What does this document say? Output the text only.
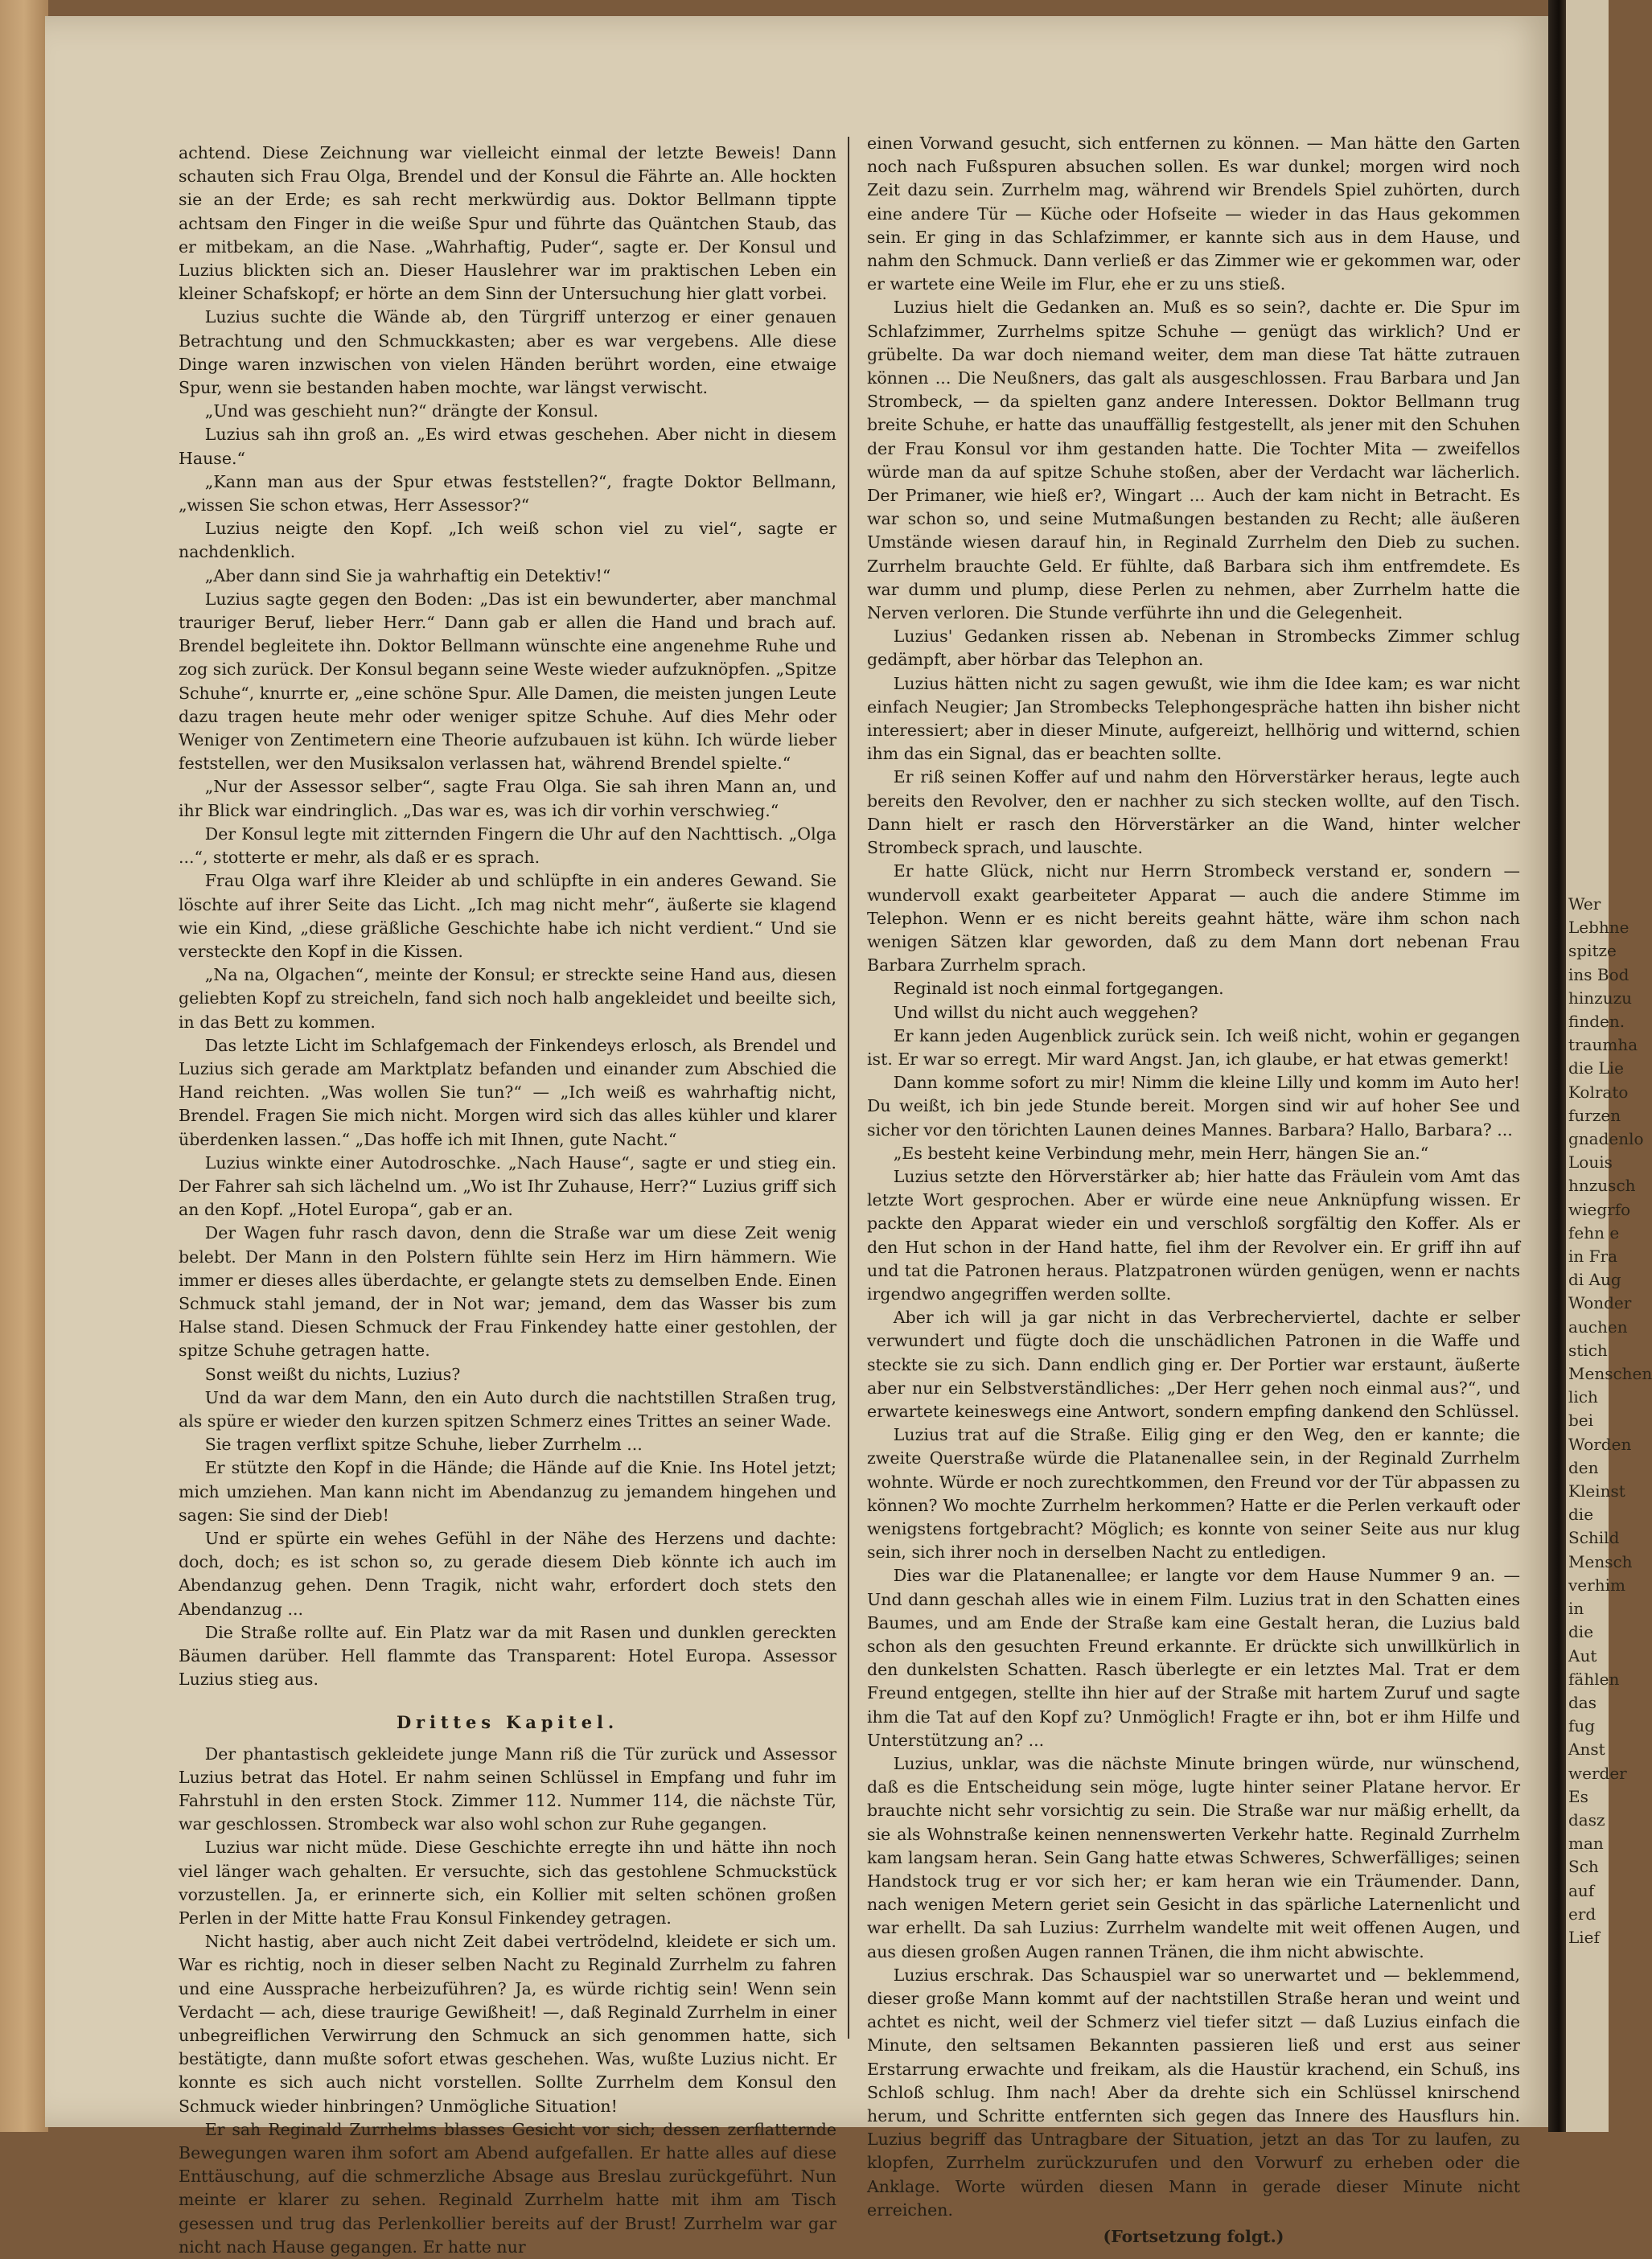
achtend. Diese Zeichnung war vielleicht einmal der letzte Beweis! Dann schauten sich Frau Olga, Brendel und der Konsul die Fährte an. Alle hockten sie an der Erde; es sah recht merkwürdig aus. Doktor Bellmann tippte achtsam den Finger in die weiße Spur und führte das Quäntchen Staub, das er mitbekam, an die Nase. „Wahrhaftig, Puder“, sagte er. Der Konsul und Luzius blickten sich an. Dieser Hauslehrer war im praktischen Leben ein kleiner Schafskopf; er hörte an dem Sinn der Untersuchung hier glatt vorbei.

Luzius suchte die Wände ab, den Türgriff unterzog er einer genauen Betrachtung und den Schmuckkasten; aber es war vergebens. Alle diese Dinge waren inzwischen von vielen Händen berührt worden, eine etwaige Spur, wenn sie bestanden haben mochte, war längst verwischt.

„Und was geschieht nun?“ drängte der Konsul.

Luzius sah ihn groß an. „Es wird etwas geschehen. Aber nicht in diesem Hause.“

„Kann man aus der Spur etwas feststellen?“, fragte Doktor Bellmann, „wissen Sie schon etwas, Herr Assessor?“

Luzius neigte den Kopf. „Ich weiß schon viel zu viel“, sagte er nachdenklich.

„Aber dann sind Sie ja wahrhaftig ein Detektiv!“

Luzius sagte gegen den Boden: „Das ist ein bewunderter, aber manchmal trauriger Beruf, lieber Herr.“ Dann gab er allen die Hand und brach auf. Brendel begleitete ihn. Doktor Bellmann wünschte eine angenehme Ruhe und zog sich zurück. Der Konsul begann seine Weste wieder aufzuknöpfen. „Spitze Schuhe“, knurrte er, „eine schöne Spur. Alle Damen, die meisten jungen Leute dazu tragen heute mehr oder weniger spitze Schuhe. Auf dies Mehr oder Weniger von Zentimetern eine Theorie aufzubauen ist kühn. Ich würde lieber feststellen, wer den Musiksalon verlassen hat, während Brendel spielte.“

„Nur der Assessor selber“, sagte Frau Olga. Sie sah ihren Mann an, und ihr Blick war eindringlich. „Das war es, was ich dir vorhin verschwieg.“

Der Konsul legte mit zitternden Fingern die Uhr auf den Nachttisch. „Olga ...“, stotterte er mehr, als daß er es sprach.

Frau Olga warf ihre Kleider ab und schlüpfte in ein anderes Gewand. Sie löschte auf ihrer Seite das Licht. „Ich mag nicht mehr“, äußerte sie klagend wie ein Kind, „diese gräßliche Geschichte habe ich nicht verdient.“ Und sie versteckte den Kopf in die Kissen.

„Na na, Olgachen“, meinte der Konsul; er streckte seine Hand aus, diesen geliebten Kopf zu streicheln, fand sich noch halb angekleidet und beeilte sich, in das Bett zu kommen.

Das letzte Licht im Schlafgemach der Finkendeys erlosch, als Brendel und Luzius sich gerade am Marktplatz befanden und einander zum Abschied die Hand reichten. „Was wollen Sie tun?“ — „Ich weiß es wahrhaftig nicht, Brendel. Fragen Sie mich nicht. Morgen wird sich das alles kühler und klarer überdenken lassen.“ „Das hoffe ich mit Ihnen, gute Nacht.“

Luzius winkte einer Autodroschke. „Nach Hause“, sagte er und stieg ein. Der Fahrer sah sich lächelnd um. „Wo ist Ihr Zuhause, Herr?“ Luzius griff sich an den Kopf. „Hotel Europa“, gab er an.

Der Wagen fuhr rasch davon, denn die Straße war um diese Zeit wenig belebt. Der Mann in den Polstern fühlte sein Herz im Hirn hämmern. Wie immer er dieses alles überdachte, er gelangte stets zu demselben Ende. Einen Schmuck stahl jemand, der in Not war; jemand, dem das Wasser bis zum Halse stand. Diesen Schmuck der Frau Finkendey hatte einer gestohlen, der spitze Schuhe getragen hatte.

Sonst weißt du nichts, Luzius?

Und da war dem Mann, den ein Auto durch die nachtstillen Straßen trug, als spüre er wieder den kurzen spitzen Schmerz eines Trittes an seiner Wade.

Sie tragen verflixt spitze Schuhe, lieber Zurrhelm ...

Er stützte den Kopf in die Hände; die Hände auf die Knie. Ins Hotel jetzt; mich umziehen. Man kann nicht im Abendanzug zu jemandem hingehen und sagen: Sie sind der Dieb!

Und er spürte ein wehes Gefühl in der Nähe des Herzens und dachte: doch, doch; es ist schon so, zu gerade diesem Dieb könnte ich auch im Abendanzug gehen. Denn Tragik, nicht wahr, erfordert doch stets den Abendanzug ...

Die Straße rollte auf. Ein Platz war da mit Rasen und dunklen gereckten Bäumen darüber. Hell flammte das Transparent: Hotel Europa. Assessor Luzius stieg aus.

Drittes Kapitel.

Der phantastisch gekleidete junge Mann riß die Tür zurück und Assessor Luzius betrat das Hotel. Er nahm seinen Schlüssel in Empfang und fuhr im Fahrstuhl in den ersten Stock. Zimmer 112. Nummer 114, die nächste Tür, war geschlossen. Strombeck war also wohl schon zur Ruhe gegangen.

Luzius war nicht müde. Diese Geschichte erregte ihn und hätte ihn noch viel länger wach gehalten. Er versuchte, sich das gestohlene Schmuckstück vorzustellen. Ja, er erinnerte sich, ein Kollier mit selten schönen großen Perlen in der Mitte hatte Frau Konsul Finkendey getragen.

Nicht hastig, aber auch nicht Zeit dabei vertrödelnd, kleidete er sich um. War es richtig, noch in dieser selben Nacht zu Reginald Zurrhelm zu fahren und eine Aussprache herbeizuführen? Ja, es würde richtig sein! Wenn sein Verdacht — ach, diese traurige Gewißheit! —, daß Reginald Zurrhelm in einer unbegreiflichen Verwirrung den Schmuck an sich genommen hatte, sich bestätigte, dann mußte sofort etwas geschehen. Was, wußte Luzius nicht. Er konnte es sich auch nicht vorstellen. Sollte Zurrhelm dem Konsul den Schmuck wieder hinbringen? Unmögliche Situation!

Er sah Reginald Zurrhelms blasses Gesicht vor sich; dessen zerflatternde Bewegungen waren ihm sofort am Abend aufgefallen. Er hatte alles auf diese Enttäuschung, auf die schmerzliche Absage aus Breslau zurückgeführt. Nun meinte er klarer zu sehen. Reginald Zurrhelm hatte mit ihm am Tisch gesessen und trug das Perlenkollier bereits auf der Brust! Zurrhelm war gar nicht nach Hause gegangen. Er hatte nur

einen Vorwand gesucht, sich entfernen zu können. — Man hätte den Garten noch nach Fußspuren absuchen sollen. Es war dunkel; morgen wird noch Zeit dazu sein. Zurrhelm mag, während wir Brendels Spiel zuhörten, durch eine andere Tür — Küche oder Hofseite — wieder in das Haus gekommen sein. Er ging in das Schlafzimmer, er kannte sich aus in dem Hause, und nahm den Schmuck. Dann verließ er das Zimmer wie er gekommen war, oder er wartete eine Weile im Flur, ehe er zu uns stieß.

Luzius hielt die Gedanken an. Muß es so sein?, dachte er. Die Spur im Schlafzimmer, Zurrhelms spitze Schuhe — genügt das wirklich? Und er grübelte. Da war doch niemand weiter, dem man diese Tat hätte zutrauen können ... Die Neußners, das galt als ausgeschlossen. Frau Barbara und Jan Strombeck, — da spielten ganz andere Interessen. Doktor Bellmann trug breite Schuhe, er hatte das unauffällig festgestellt, als jener mit den Schuhen der Frau Konsul vor ihm gestanden hatte. Die Tochter Mita — zweifellos würde man da auf spitze Schuhe stoßen, aber der Verdacht war lächerlich. Der Primaner, wie hieß er?, Wingart ... Auch der kam nicht in Betracht. Es war schon so, und seine Mutmaßungen bestanden zu Recht; alle äußeren Umstände wiesen darauf hin, in Reginald Zurrhelm den Dieb zu suchen. Zurrhelm brauchte Geld. Er fühlte, daß Barbara sich ihm entfremdete. Es war dumm und plump, diese Perlen zu nehmen, aber Zurrhelm hatte die Nerven verloren. Die Stunde verführte ihn und die Gelegenheit.

Luzius' Gedanken rissen ab. Nebenan in Strombecks Zimmer schlug gedämpft, aber hörbar das Telephon an.

Luzius hätten nicht zu sagen gewußt, wie ihm die Idee kam; es war nicht einfach Neugier; Jan Strombecks Telephongespräche hatten ihn bisher nicht interessiert; aber in dieser Minute, aufgereizt, hellhörig und witternd, schien ihm das ein Signal, das er beachten sollte.

Er riß seinen Koffer auf und nahm den Hörverstärker heraus, legte auch bereits den Revolver, den er nachher zu sich stecken wollte, auf den Tisch. Dann hielt er rasch den Hörverstärker an die Wand, hinter welcher Strombeck sprach, und lauschte.

Er hatte Glück, nicht nur Herrn Strombeck verstand er, sondern — wundervoll exakt gearbeiteter Apparat — auch die andere Stimme im Telephon. Wenn er es nicht bereits geahnt hätte, wäre ihm schon nach wenigen Sätzen klar geworden, daß zu dem Mann dort nebenan Frau Barbara Zurrhelm sprach.

Reginald ist noch einmal fortgegangen.

Und willst du nicht auch weggehen?

Er kann jeden Augenblick zurück sein. Ich weiß nicht, wohin er gegangen ist. Er war so erregt. Mir ward Angst. Jan, ich glaube, er hat etwas gemerkt!

Dann komme sofort zu mir! Nimm die kleine Lilly und komm im Auto her! Du weißt, ich bin jede Stunde bereit. Morgen sind wir auf hoher See und sicher vor den törichten Launen deines Mannes. Barbara? Hallo, Barbara? ...

„Es besteht keine Verbindung mehr, mein Herr, hängen Sie an.“

Luzius setzte den Hörverstärker ab; hier hatte das Fräulein vom Amt das letzte Wort gesprochen. Aber er würde eine neue Anknüpfung wissen. Er packte den Apparat wieder ein und verschloß sorgfältig den Koffer. Als er den Hut schon in der Hand hatte, fiel ihm der Revolver ein. Er griff ihn auf und tat die Patronen heraus. Platzpatronen würden genügen, wenn er nachts irgendwo angegriffen werden sollte.

Aber ich will ja gar nicht in das Verbrecherviertel, dachte er selber verwundert und fügte doch die unschädlichen Patronen in die Waffe und steckte sie zu sich. Dann endlich ging er. Der Portier war erstaunt, äußerte aber nur ein Selbstverständliches: „Der Herr gehen noch einmal aus?“, und erwartete keineswegs eine Antwort, sondern empfing dankend den Schlüssel.

Luzius trat auf die Straße. Eilig ging er den Weg, den er kannte; die zweite Querstraße würde die Platanenallee sein, in der Reginald Zurrhelm wohnte. Würde er noch zurechtkommen, den Freund vor der Tür abpassen zu können? Wo mochte Zurrhelm herkommen? Hatte er die Perlen verkauft oder wenigstens fortgebracht? Möglich; es konnte von seiner Seite aus nur klug sein, sich ihrer noch in derselben Nacht zu entledigen.

Dies war die Platanenallee; er langte vor dem Hause Nummer 9 an. — Und dann geschah alles wie in einem Film. Luzius trat in den Schatten eines Baumes, und am Ende der Straße kam eine Gestalt heran, die Luzius bald schon als den gesuchten Freund erkannte. Er drückte sich unwillkürlich in den dunkelsten Schatten. Rasch überlegte er ein letztes Mal. Trat er dem Freund entgegen, stellte ihn hier auf der Straße mit hartem Zuruf und sagte ihm die Tat auf den Kopf zu? Unmöglich! Fragte er ihn, bot er ihm Hilfe und Unterstützung an? ...

Luzius, unklar, was die nächste Minute bringen würde, nur wünschend, daß es die Entscheidung sein möge, lugte hinter seiner Platane hervor. Er brauchte nicht sehr vorsichtig zu sein. Die Straße war nur mäßig erhellt, da sie als Wohnstraße keinen nennenswerten Verkehr hatte. Reginald Zurrhelm kam langsam heran. Sein Gang hatte etwas Schweres, Schwerfälliges; seinen Handstock trug er vor sich her; er kam heran wie ein Träumender. Dann, nach wenigen Metern geriet sein Gesicht in das spärliche Laternenlicht und war erhellt. Da sah Luzius: Zurrhelm wandelte mit weit offenen Augen, und aus diesen großen Augen rannen Tränen, die ihm nicht abwischte.

Luzius erschrak. Das Schauspiel war so unerwartet und — beklemmend, dieser große Mann kommt auf der nachtstillen Straße heran und weint und achtet es nicht, weil der Schmerz viel tiefer sitzt — daß Luzius einfach die Minute, den seltsamen Bekannten passieren ließ und erst aus seiner Erstarrung erwachte und freikam, als die Haustür krachend, ein Schuß, ins Schloß schlug. Ihm nach! Aber da drehte sich ein Schlüssel knirschend herum, und Schritte entfernten sich gegen das Innere des Hausflurs hin. Luzius begriff das Untragbare der Situation, jetzt an das Tor zu laufen, zu klopfen, Zurrhelm zurückzurufen und den Vorwurf zu erheben oder die Anklage. Worte würden diesen Mann in gerade dieser Minute nicht erreichen.

(Fortsetzung folgt.)
Wer
Lebhne
spitze
ins Bod
hinzuzu
finden.
traumha
die Lie
Kolrato
furzen
gnadenlo
Louis
hnzusch
wiegrfo
fehn e
in Fra
di Aug
Wonder
auchen
stich
Menschen
lich
bei
Worden
den
Kleinst
die
Schild
Mensch
verhim
in
die
Aut
fählen
das
fug
Anst
werder
Es
dasz
man
Sch
auf
erd
Lief
